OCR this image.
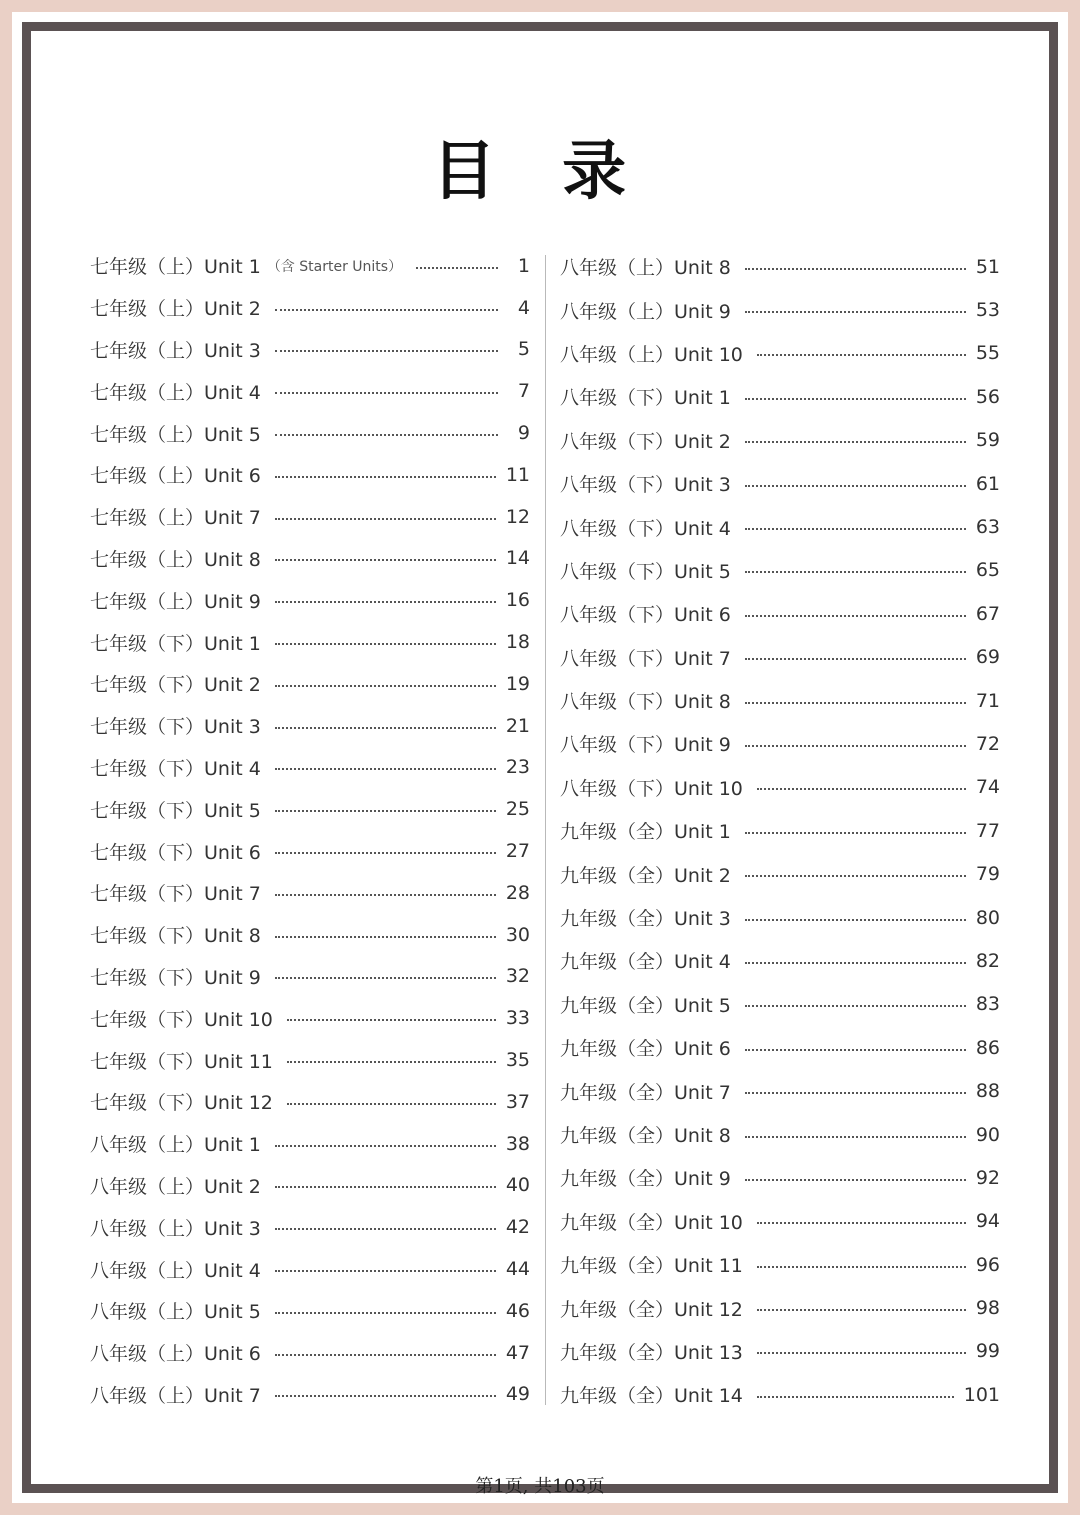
目 录
七年级（上）Unit 1 （含 Starter Units）	1
七年级（上）Unit 2	4
七年级（上）Unit 3	5
七年级（上）Unit 4	7
七年级（上）Unit 5	9
七年级（上）Unit 6	11
七年级（上）Unit 7	12
七年级（上）Unit 8	14
七年级（上）Unit 9	16
七年级（下）Unit 1	18
七年级（下）Unit 2	19
七年级（下）Unit 3	21
七年级（下）Unit 4	23
七年级（下）Unit 5	25
七年级（下）Unit 6	27
七年级（下）Unit 7	28
七年级（下）Unit 8	30
七年级（下）Unit 9	32
七年级（下）Unit 10	33
七年级（下）Unit 11	35
七年级（下）Unit 12	37
八年级（上）Unit 1	38
八年级（上）Unit 2	40
八年级（上）Unit 3	42
八年级（上）Unit 4	44
八年级（上）Unit 5	46
八年级（上）Unit 6	47
八年级（上）Unit 7	49
八年级（上）Unit 8	51
八年级（上）Unit 9	53
八年级（上）Unit 10	55
八年级（下）Unit 1	56
八年级（下）Unit 2	59
八年级（下）Unit 3	61
八年级（下）Unit 4	63
八年级（下）Unit 5	65
八年级（下）Unit 6	67
八年级（下）Unit 7	69
八年级（下）Unit 8	71
八年级（下）Unit 9	72
八年级（下）Unit 10	74
九年级（全）Unit 1	77
九年级（全）Unit 2	79
九年级（全）Unit 3	80
九年级（全）Unit 4	82
九年级（全）Unit 5	83
九年级（全）Unit 6	86
九年级（全）Unit 7	88
九年级（全）Unit 8	90
九年级（全）Unit 9	92
九年级（全）Unit 10	94
九年级（全）Unit 11	96
九年级（全）Unit 12	98
九年级（全）Unit 13	99
九年级（全）Unit 14	101
第1页, 共103页
